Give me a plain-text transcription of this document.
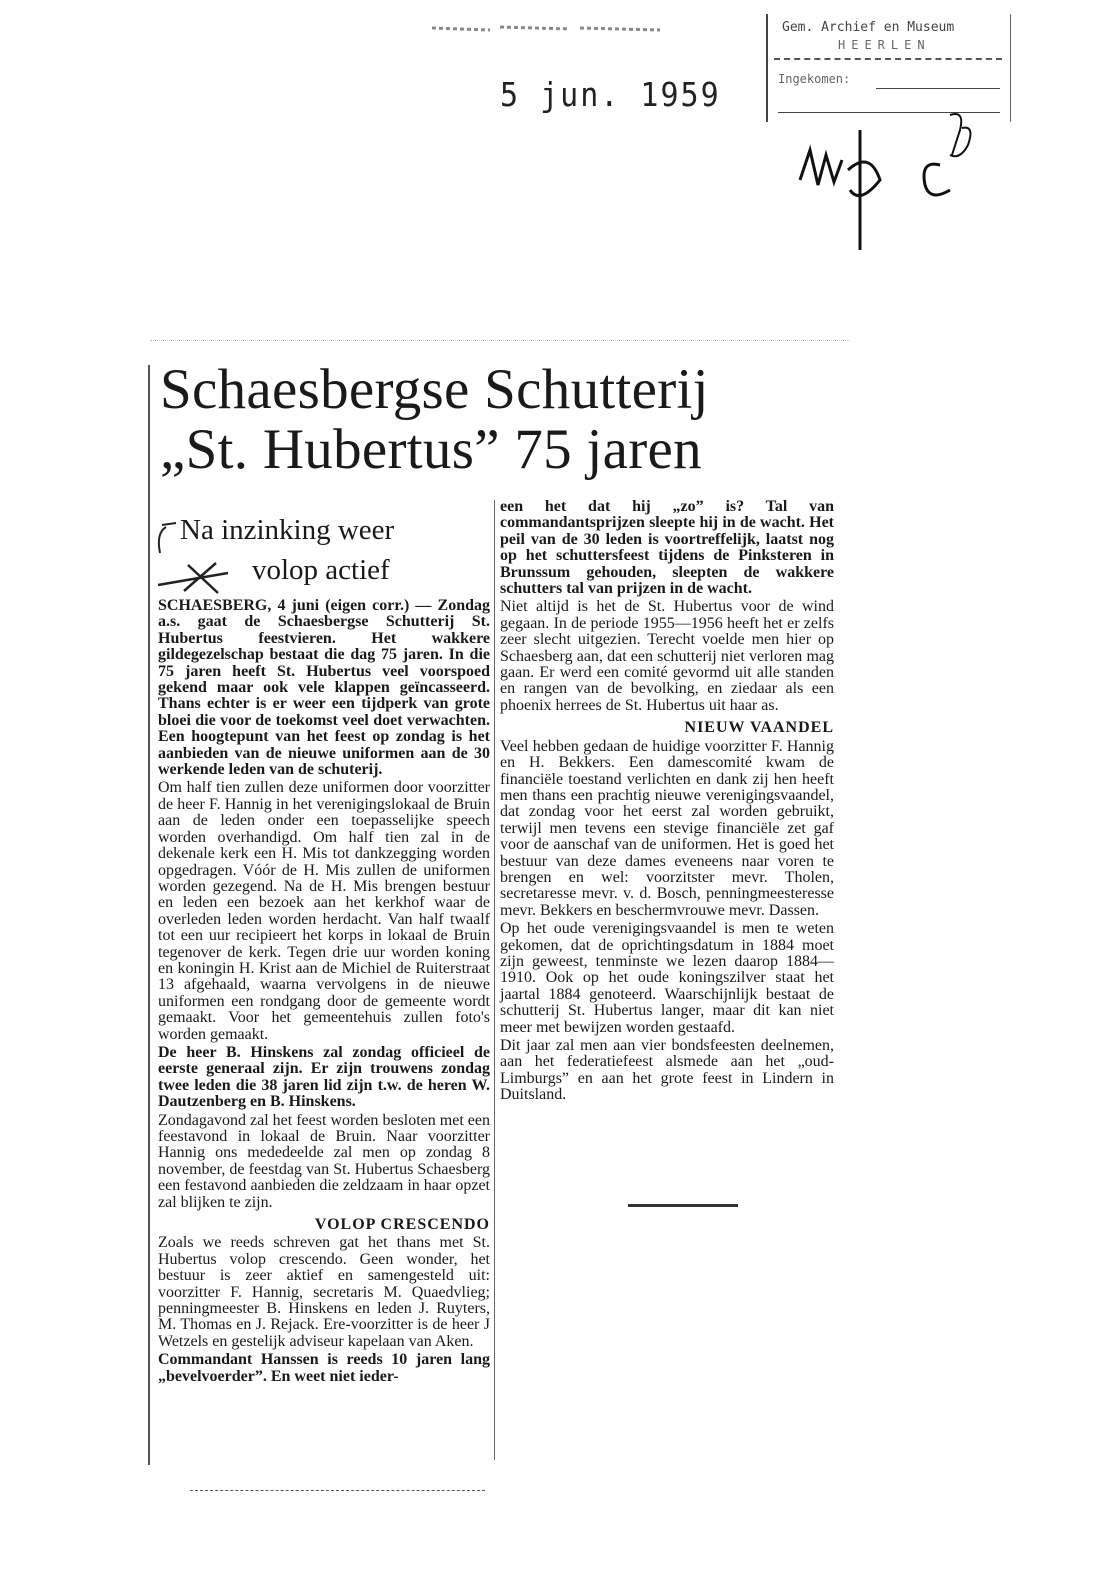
5 jun. 1959
Gem. Archief en Museum
HEERLEN
Ingekomen:
Schaesbergse Schutterij
„St. Hubertus” 75 jaren
Na inzinking weer
volop actief

SCHAESBERG, 4 juni (eigen corr.) — Zondag a.s. gaat de Schaesbergse Schutterij St. Hubertus feestvieren. Het wakkere gildegezelschap bestaat die dag 75 jaren. In die 75 jaren heeft St. Hubertus veel voorspoed gekend maar ook vele klappen geïncasseerd. Thans echter is er weer een tijdperk van grote bloei die voor de toekomst veel doet verwachten. Een hoogtepunt van het feest op zondag is het aanbieden van de nieuwe uniformen aan de 30 werkende leden van de schuterij.

Om half tien zullen deze uniformen door voorzitter de heer F. Hannig in het verenigingslokaal de Bruin aan de leden onder een toepasselijke speech worden overhandigd. Om half tien zal in de dekenale kerk een H. Mis tot dankzegging worden opgedragen. Vóór de H. Mis zullen de uniformen worden gezegend. Na de H. Mis brengen bestuur en leden een bezoek aan het kerkhof waar de overleden leden worden herdacht. Van half twaalf tot een uur recipieert het korps in lokaal de Bruin tegenover de kerk. Tegen drie uur worden koning en koningin H. Krist aan de Michiel de Ruiterstraat 13 afgehaald, waarna vervolgens in de nieuwe uniformen een rondgang door de gemeente wordt gemaakt. Voor het gemeentehuis zullen foto's worden gemaakt.

De heer B. Hinskens zal zondag officieel de eerste generaal zijn. Er zijn trouwens zondag twee leden die 38 jaren lid zijn t.w. de heren W. Dautzenberg en B. Hinskens.

Zondagavond zal het feest worden besloten met een feestavond in lokaal de Bruin. Naar voorzitter Hannig ons mededeelde zal men op zondag 8 november, de feestdag van St. Hubertus Schaesberg een festavond aanbieden die zeldzaam in haar opzet zal blijken te zijn.

VOLOP CRESCENDO

Zoals we reeds schreven gat het thans met St. Hubertus volop crescendo. Geen wonder, het bestuur is zeer aktief en samengesteld uit: voorzitter F. Hannig, secretaris M. Quaedvlieg; penningmeester B. Hinskens en leden J. Ruyters, M. Thomas en J. Rejack. Ere-voorzitter is de heer J Wetzels en gestelijk adviseur kapelaan van Aken.

Commandant Hanssen is reeds 10 jaren lang „bevelvoerder”. En weet niet ieder-

een het dat hij „zo” is? Tal van commandantsprijzen sleepte hij in de wacht. Het peil van de 30 leden is voortreffelijk, laatst nog op het schuttersfeest tijdens de Pinksteren in Brunssum gehouden, sleepten de wakkere schutters tal van prijzen in de wacht.

Niet altijd is het de St. Hubertus voor de wind gegaan. In de periode 1955—1956 heeft het er zelfs zeer slecht uitgezien. Terecht voelde men hier op Schaesberg aan, dat een schutterij niet verloren mag gaan. Er werd een comité gevormd uit alle standen en rangen van de bevolking, en ziedaar als een phoenix herrees de St. Hubertus uit haar as.

NIEUW VAANDEL

Veel hebben gedaan de huidige voorzitter F. Hannig en H. Bekkers. Een damescomité kwam de financiële toestand verlichten en dank zij hen heeft men thans een prachtig nieuwe verenigingsvaandel, dat zondag voor het eerst zal worden gebruikt, terwijl men tevens een stevige financiële zet gaf voor de aanschaf van de uniformen. Het is goed het bestuur van deze dames eveneens naar voren te brengen en wel: voorzitster mevr. Tholen, secretaresse mevr. v. d. Bosch, penningmeesteresse mevr. Bekkers en beschermvrouwe mevr. Dassen.

Op het oude verenigingsvaandel is men te weten gekomen, dat de oprichtingsdatum in 1884 moet zijn geweest, tenminste we lezen daarop 1884—1910. Ook op het oude koningszilver staat het jaartal 1884 genoteerd. Waarschijnlijk bestaat de schutterij St. Hubertus langer, maar dit kan niet meer met bewijzen worden gestaafd.

Dit jaar zal men aan vier bondsfeesten deelnemen, aan het federatiefeest alsmede aan het „oud-Limburgs” en aan het grote feest in Lindern in Duitsland.
